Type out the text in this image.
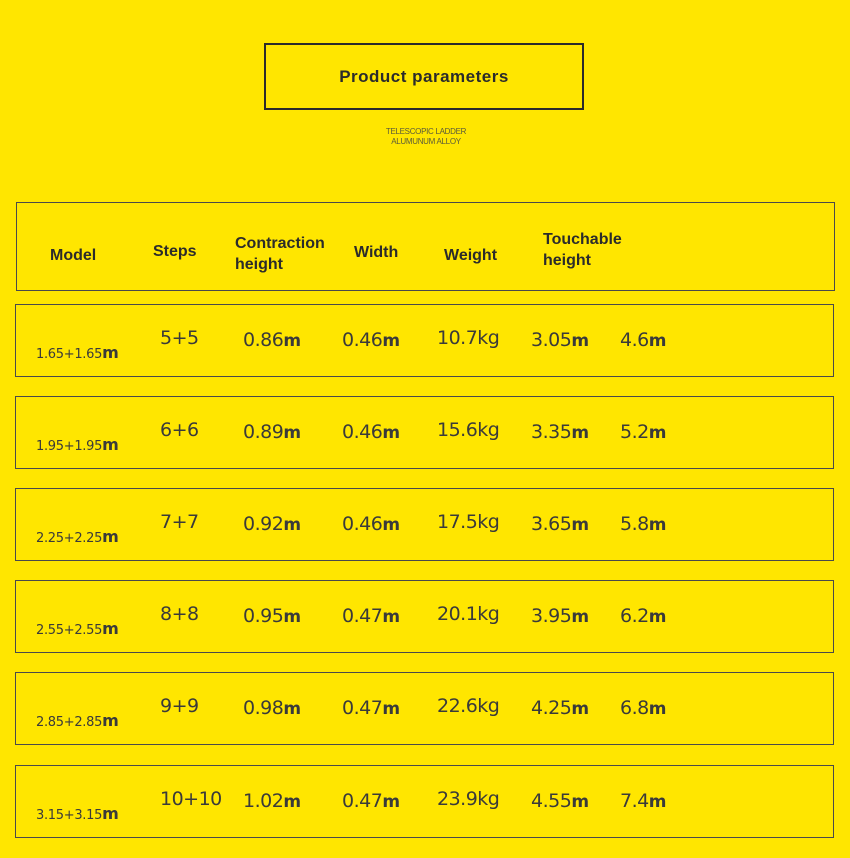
Product parameters
TELESCOPIC LADDER
ALUMUNUM ALLOY
Model	Steps Contraction
height
Width	Weight
Touchable
height
1.65+1.65m
5+5 0.86m 0.46m 10.7kg 3.05m 4.6m
1.95+1.95m
6+6 0.89m 0.46m 15.6kg 3.35m 5.2m
2.25+2.25m
7+7 0.92m 0.46m 17.5kg 3.65m 5.8m
2.55+2.55m
8+8 0.95m 0.47m 20.1kg 3.95m 6.2m
2.85+2.85m
9+9 0.98m 0.47m 22.6kg 4.25m 6.8m
3.15+3.15m
10+10 1.02m 0.47m 23.9kg 4.55m 7.4m
